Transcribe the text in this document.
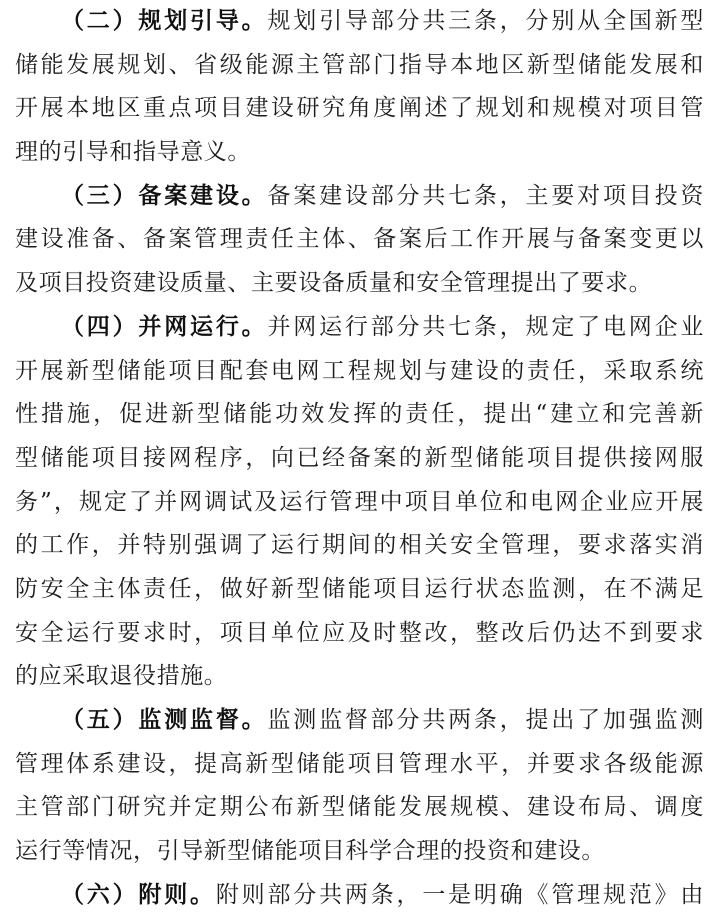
（二）规划引导。规划引导部分共三条，分别从全国新型
储能发展规划、省级能源主管部门指导本地区新型储能发展和
开展本地区重点项目建设研究角度阐述了规划和规模对项目管
理的引导和指导意义。
（三）备案建设。备案建设部分共七条，主要对项目投资
建设准备、备案管理责任主体、备案后工作开展与备案变更以
及项目投资建设质量、主要设备质量和安全管理提出了要求。
（四）并网运行。并网运行部分共七条，规定了电网企业
开展新型储能项目配套电网工程规划与建设的责任，采取系统
性措施，促进新型储能功效发挥的责任，提出“建立和完善新
型储能项目接网程序，向已经备案的新型储能项目提供接网服
务”，规定了并网调试及运行管理中项目单位和电网企业应开展
的工作，并特别强调了运行期间的相关安全管理，要求落实消
防安全主体责任，做好新型储能项目运行状态监测，在不满足
安全运行要求时，项目单位应及时整改，整改后仍达不到要求
的应采取退役措施。
（五）监测监督。监测监督部分共两条，提出了加强监测
管理体系建设，提高新型储能项目管理水平，并要求各级能源
主管部门研究并定期公布新型储能发展规模、建设布局、调度
运行等情况，引导新型储能项目科学合理的投资和建设。
（六）附则。附则部分共两条，一是明确《管理规范》由
